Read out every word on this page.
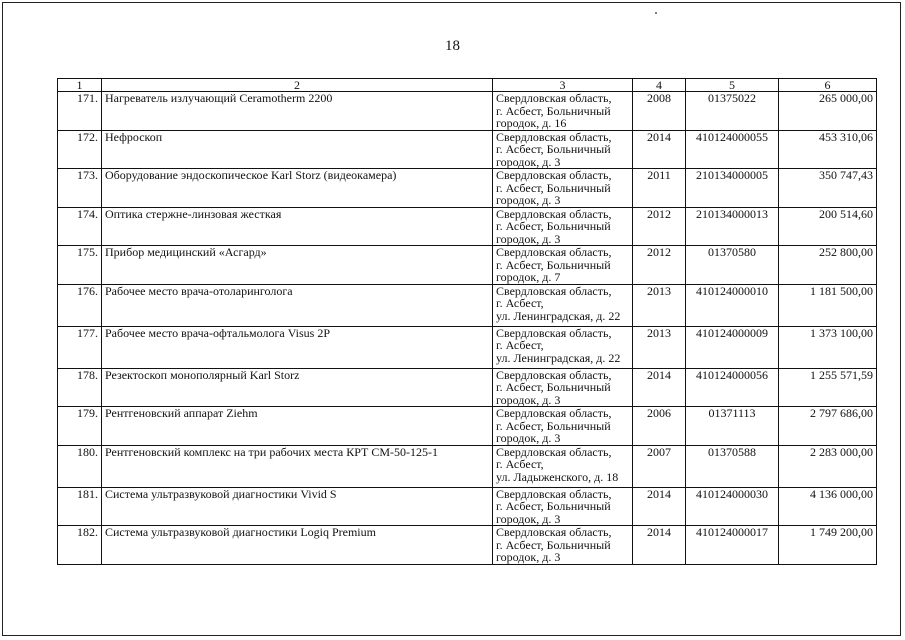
18
1	2	3	4	5	6
171.	Нагреватель излучающий Ceramotherm 2200	Свердловская область,
г. Асбест, Больничный
городок, д. 16	2008	01375022	265 000,00
172.	Нефроскоп	Свердловская область,
г. Асбест, Больничный
городок, д. 3	2014	410124000055	453 310,06
173.	Оборудование эндоскопическое Karl Storz (видеокамера)	Свердловская область,
г. Асбест, Больничный
городок, д. 3	2011	210134000005	350 747,43
174.	Оптика стержне-линзовая жесткая	Свердловская область,
г. Асбест, Больничный
городок, д. 3	2012	210134000013	200 514,60
175.	Прибор медицинский «Асгард»	Свердловская область,
г. Асбест, Больничный
городок, д. 7	2012	01370580	252 800,00
176.	Рабочее место врача-отоларинголога	Свердловская область,
г. Асбест,
ул. Ленинградская, д. 22	2013	410124000010	1 181 500,00
177.	Рабочее место врача-офтальмолога Visus 2P	Свердловская область,
г. Асбест,
ул. Ленинградская, д. 22	2013	410124000009	1 373 100,00
178.	Резектоскоп монополярный Karl Storz	Свердловская область,
г. Асбест, Больничный
городок, д. 3	2014	410124000056	1 255 571,59
179.	Рентгеновский аппарат Ziehm	Свердловская область,
г. Асбест, Больничный
городок, д. 3	2006	01371113	2 797 686,00
180.	Рентгеновский комплекс на три рабочих места КРТ СМ-50-125-1	Свердловская область,
г. Асбест,
ул. Ладыженского, д. 18	2007	01370588	2 283 000,00
181.	Система ультразвуковой диагностики Vivid S	Свердловская область,
г. Асбест, Больничный
городок, д. 3	2014	410124000030	4 136 000,00
182.	Система ультразвуковой диагностики Logiq Premium	Свердловская область,
г. Асбест, Больничный
городок, д. 3	2014	410124000017	1 749 200,00
